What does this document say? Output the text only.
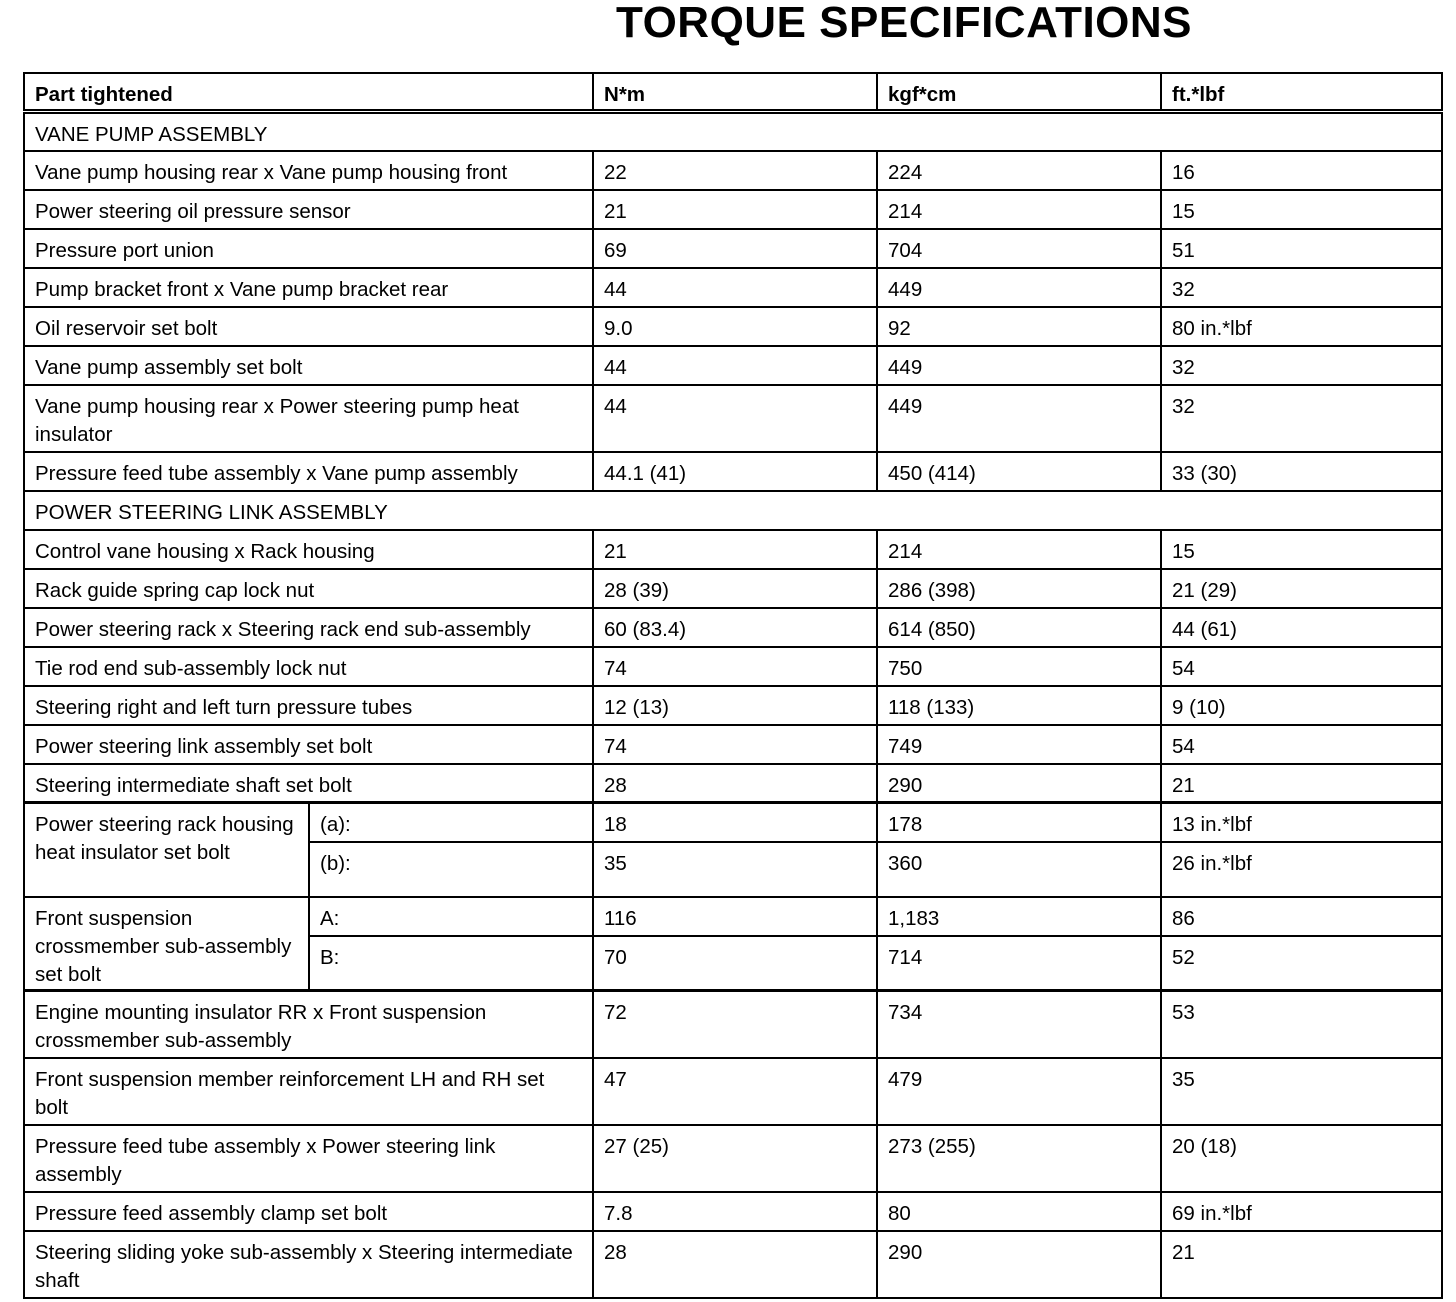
TORQUE SPECIFICATIONS
Part tightened		N*m	kgf*cm	ft.*lbf
VANE PUMP ASSEMBLY				
Vane pump housing rear x Vane pump housing front		22	224	16
Power steering oil pressure sensor		21	214	15
Pressure port union		69	704	51
Pump bracket front x Vane pump bracket rear		44	449	32
Oil reservoir set bolt		9.0	92	80 in.*lbf
Vane pump assembly set bolt		44	449	32
Vane pump housing rear x Power steering pump heat insulator		44	449	32
Pressure feed tube assembly x Vane pump assembly		44.1 (41)	450 (414)	33 (30)
POWER STEERING LINK ASSEMBLY				
Control vane housing x Rack housing		21	214	15
Rack guide spring cap lock nut		28 (39)	286 (398)	21 (29)
Power steering rack x Steering rack end sub-assembly		60 (83.4)	614 (850)	44 (61)
Tie rod end sub-assembly lock nut		74	750	54
Steering right and left turn pressure tubes		12 (13)	118 (133)	9 (10)
Power steering link assembly set bolt		74	749	54
Steering intermediate shaft set bolt		28	290	21
Power steering rack housing heat insulator set bolt	(a):	18	178	13 in.*lbf
	(b):	35	360	26 in.*lbf
Front suspension crossmember sub-assembly set bolt	A:	116	1,183	86
	B:	70	714	52
Engine mounting insulator RR x Front suspension crossmember sub-assembly		72	734	53
Front suspension member reinforcement LH and RH set bolt		47	479	35
Pressure feed tube assembly x Power steering link assembly		27 (25)	273 (255)	20 (18)
Pressure feed assembly clamp set bolt		7.8	80	69 in.*lbf
Steering sliding yoke sub-assembly x Steering intermediate shaft		28	290	21
